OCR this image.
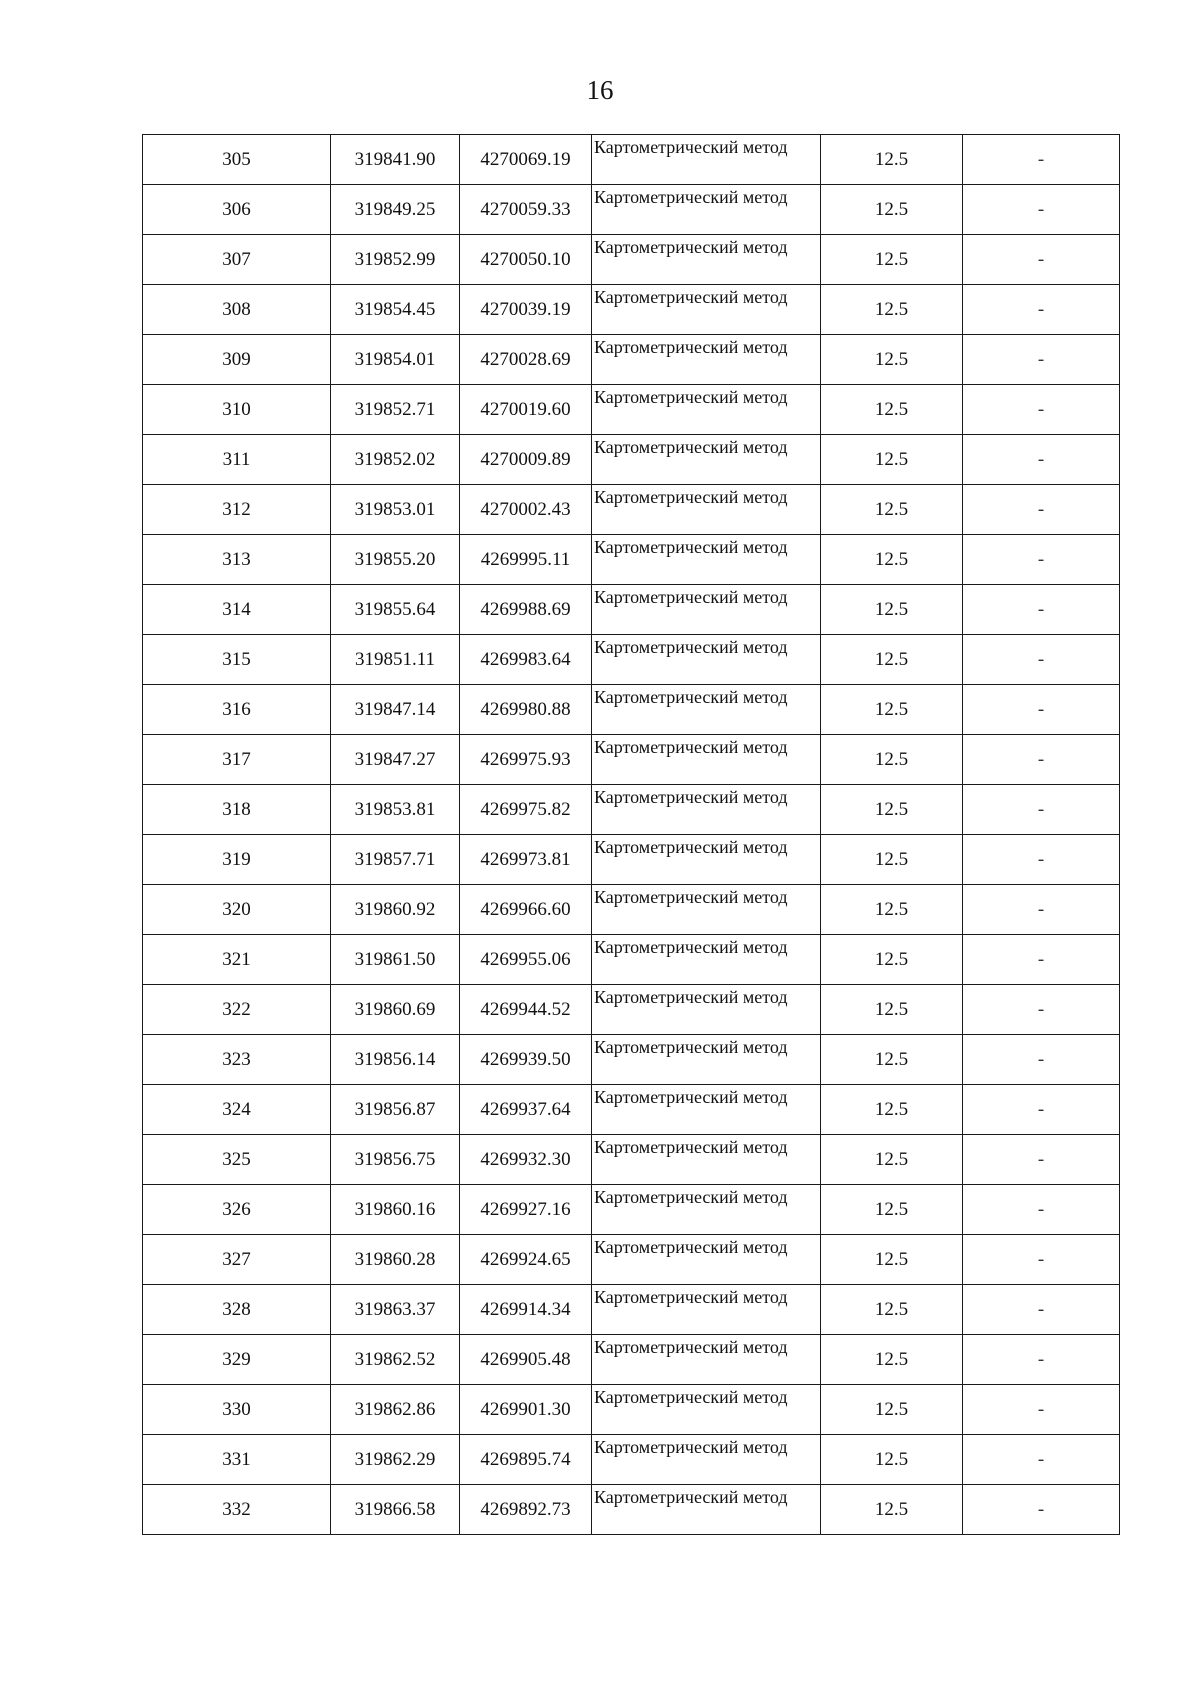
16
305	319841.90	4270069.19	Картометрический метод	12.5	-
306	319849.25	4270059.33	Картометрический метод	12.5	-
307	319852.99	4270050.10	Картометрический метод	12.5	-
308	319854.45	4270039.19	Картометрический метод	12.5	-
309	319854.01	4270028.69	Картометрический метод	12.5	-
310	319852.71	4270019.60	Картометрический метод	12.5	-
311	319852.02	4270009.89	Картометрический метод	12.5	-
312	319853.01	4270002.43	Картометрический метод	12.5	-
313	319855.20	4269995.11	Картометрический метод	12.5	-
314	319855.64	4269988.69	Картометрический метод	12.5	-
315	319851.11	4269983.64	Картометрический метод	12.5	-
316	319847.14	4269980.88	Картометрический метод	12.5	-
317	319847.27	4269975.93	Картометрический метод	12.5	-
318	319853.81	4269975.82	Картометрический метод	12.5	-
319	319857.71	4269973.81	Картометрический метод	12.5	-
320	319860.92	4269966.60	Картометрический метод	12.5	-
321	319861.50	4269955.06	Картометрический метод	12.5	-
322	319860.69	4269944.52	Картометрический метод	12.5	-
323	319856.14	4269939.50	Картометрический метод	12.5	-
324	319856.87	4269937.64	Картометрический метод	12.5	-
325	319856.75	4269932.30	Картометрический метод	12.5	-
326	319860.16	4269927.16	Картометрический метод	12.5	-
327	319860.28	4269924.65	Картометрический метод	12.5	-
328	319863.37	4269914.34	Картометрический метод	12.5	-
329	319862.52	4269905.48	Картометрический метод	12.5	-
330	319862.86	4269901.30	Картометрический метод	12.5	-
331	319862.29	4269895.74	Картометрический метод	12.5	-
332	319866.58	4269892.73	Картометрический метод	12.5	-
